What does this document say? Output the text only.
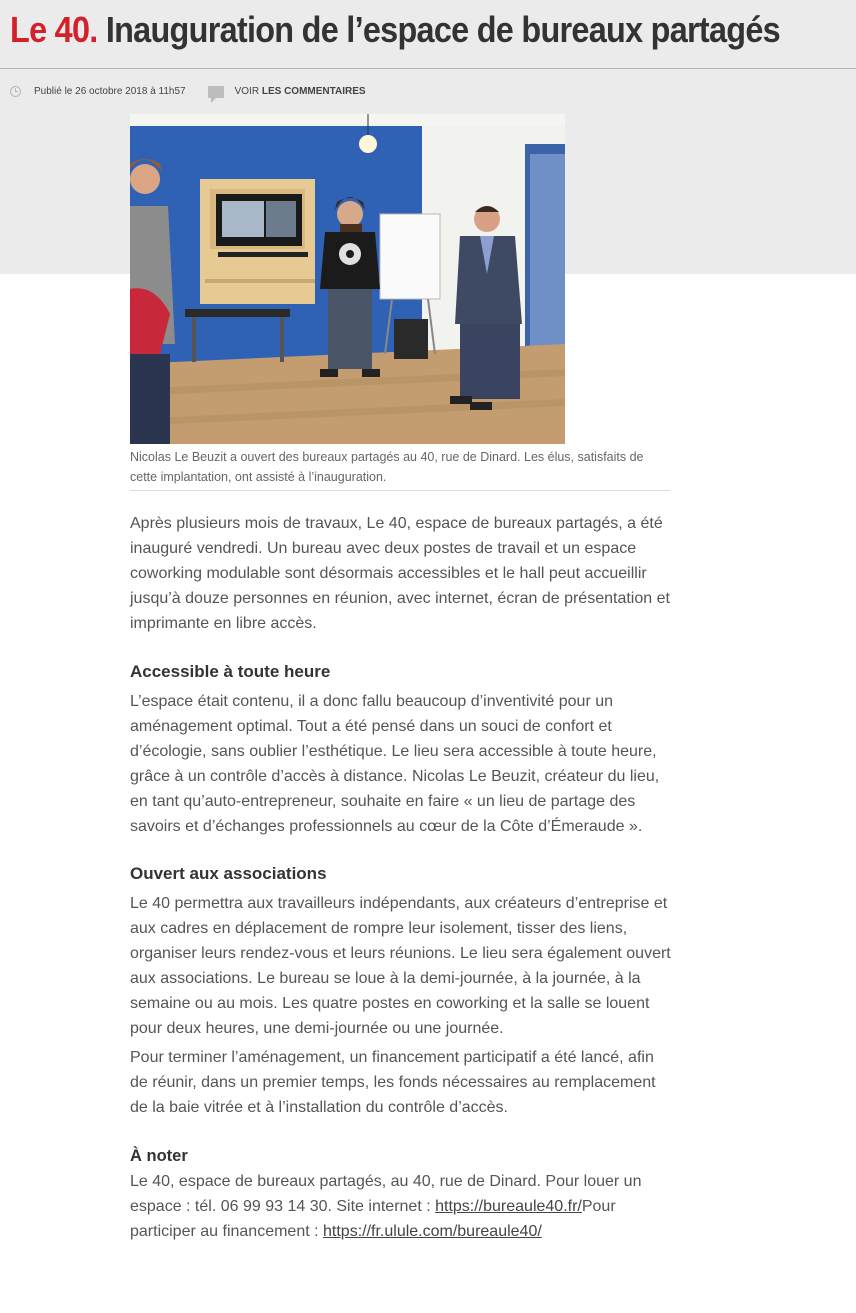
Le 40. Inauguration de l’espace de bureaux partagés
Publié le 26 octobre 2018 à 11h57	VOIR LES COMMENTAIRES
Nicolas Le Beuzit a ouvert des bureaux partagés au 40, rue de Dinard. Les élus, satisfaits de cette implantation, ont assisté à l’inauguration.

Après plusieurs mois de travaux, Le 40, espace de bureaux partagés, a été inauguré vendredi. Un bureau avec deux postes de travail et un espace coworking modulable sont désormais accessibles et le hall peut accueillir jusqu’à douze personnes en réunion, avec internet, écran de présentation et imprimante en libre accès.

Accessible à toute heure

L’espace était contenu, il a donc fallu beaucoup d’inventivité pour un aménagement optimal. Tout a été pensé dans un souci de confort et d’écologie, sans oublier l’esthétique. Le lieu sera accessible à toute heure, grâce à un contrôle d’accès à distance. Nicolas Le Beuzit, créateur du lieu, en tant qu’auto-entrepreneur, souhaite en faire « un lieu de partage des savoirs et d’échanges professionnels au cœur de la Côte d’Émeraude ».

Ouvert aux associations

Le 40 permettra aux travailleurs indépendants, aux créateurs d’entreprise et aux cadres en déplacement de rompre leur isolement, tisser des liens, organiser leurs rendez-vous et leurs réunions. Le lieu sera également ouvert aux associations. Le bureau se loue à la demi-journée, à la journée, à la semaine ou au mois. Les quatre postes en coworking et la salle se louent pour deux heures, une demi-journée ou une journée.

Pour terminer l’aménagement, un financement participatif a été lancé, afin de réunir, dans un premier temps, les fonds nécessaires au remplacement de la baie vitrée et à l’installation du contrôle d’accès.

À noter

Le 40, espace de bureaux partagés, au 40, rue de Dinard. Pour louer un espace : tél. 06 99 93 14 30. Site internet : https://bureaule40.fr/Pour participer au financement : https://fr.ulule.com/bureaule40/
